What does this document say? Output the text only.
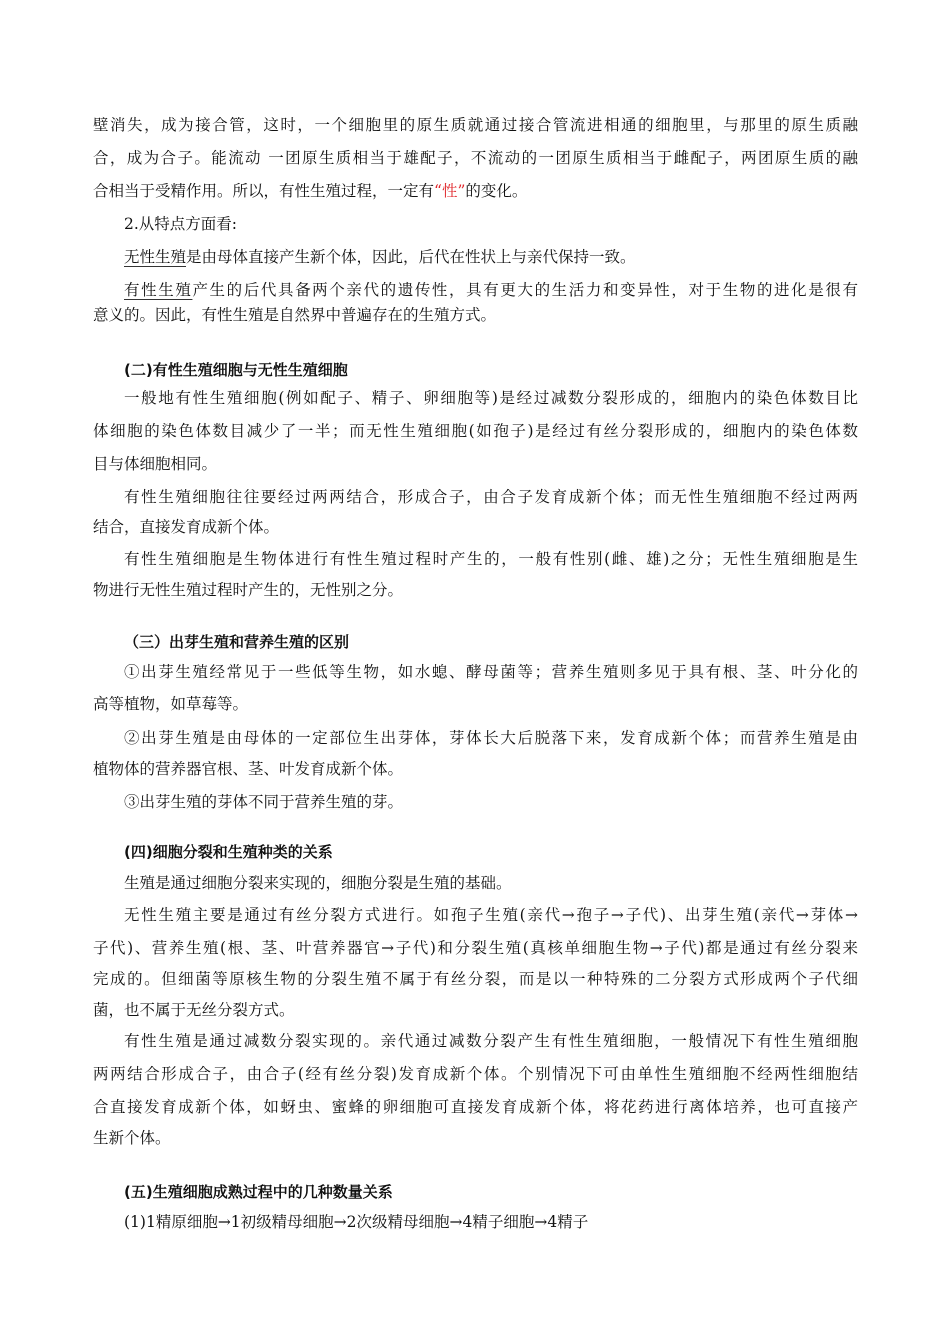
壁消失，成为接合管，这时，一个细胞里的原生质就通过接合管流进相通的细胞里，与那里的原生质融
合，成为合子。能流动 一团原生质相当于雄配子，不流动的一团原生质相当于雌配子，两团原生质的融
合相当于受精作用。所以，有性生殖过程，一定有“性”的变化。
2.从特点方面看:
无性生殖是由母体直接产生新个体，因此，后代在性状上与亲代保持一致。
有性生殖产生的后代具备两个亲代的遗传性，具有更大的生活力和变异性，对于生物的进化是很有
意义的。因此，有性生殖是自然界中普遍存在的生殖方式。
(二)有性生殖细胞与无性生殖细胞
一般地有性生殖细胞(例如配子、精子、卵细胞等)是经过减数分裂形成的，细胞内的染色体数目比
体细胞的染色体数目减少了一半；而无性生殖细胞(如孢子)是经过有丝分裂形成的，细胞内的染色体数
目与体细胞相同。
有性生殖细胞往往要经过两两结合，形成合子，由合子发育成新个体；而无性生殖细胞不经过两两
结合，直接发育成新个体。
有性生殖细胞是生物体进行有性生殖过程时产生的，一般有性别(雌、雄)之分；无性生殖细胞是生
物进行无性生殖过程时产生的，无性别之分。
（三）出芽生殖和营养生殖的区别
①出芽生殖经常见于一些低等生物，如水螅、酵母菌等；营养生殖则多见于具有根、茎、叶分化的
高等植物，如草莓等。
②出芽生殖是由母体的一定部位生出芽体，芽体长大后脱落下来，发育成新个体；而营养生殖是由
植物体的营养器官根、茎、叶发育成新个体。
③出芽生殖的芽体不同于营养生殖的芽。
(四)细胞分裂和生殖种类的关系
生殖是通过细胞分裂来实现的，细胞分裂是生殖的基础。
无性生殖主要是通过有丝分裂方式进行。如孢子生殖(亲代→孢子→子代)、出芽生殖(亲代→芽体→
子代)、营养生殖(根、茎、叶营养器官→子代)和分裂生殖(真核单细胞生物→子代)都是通过有丝分裂来
完成的。但细菌等原核生物的分裂生殖不属于有丝分裂，而是以一种特殊的二分裂方式形成两个子代细
菌，也不属于无丝分裂方式。
有性生殖是通过减数分裂实现的。亲代通过减数分裂产生有性生殖细胞，一般情况下有性生殖细胞
两两结合形成合子，由合子(经有丝分裂)发育成新个体。个别情况下可由单性生殖细胞不经两性细胞结
合直接发育成新个体，如蚜虫、蜜蜂的卵细胞可直接发育成新个体，将花药进行离体培养，也可直接产
生新个体。
(五)生殖细胞成熟过程中的几种数量关系
(1)1精原细胞→1初级精母细胞→2次级精母细胞→4精子细胞→4精子
